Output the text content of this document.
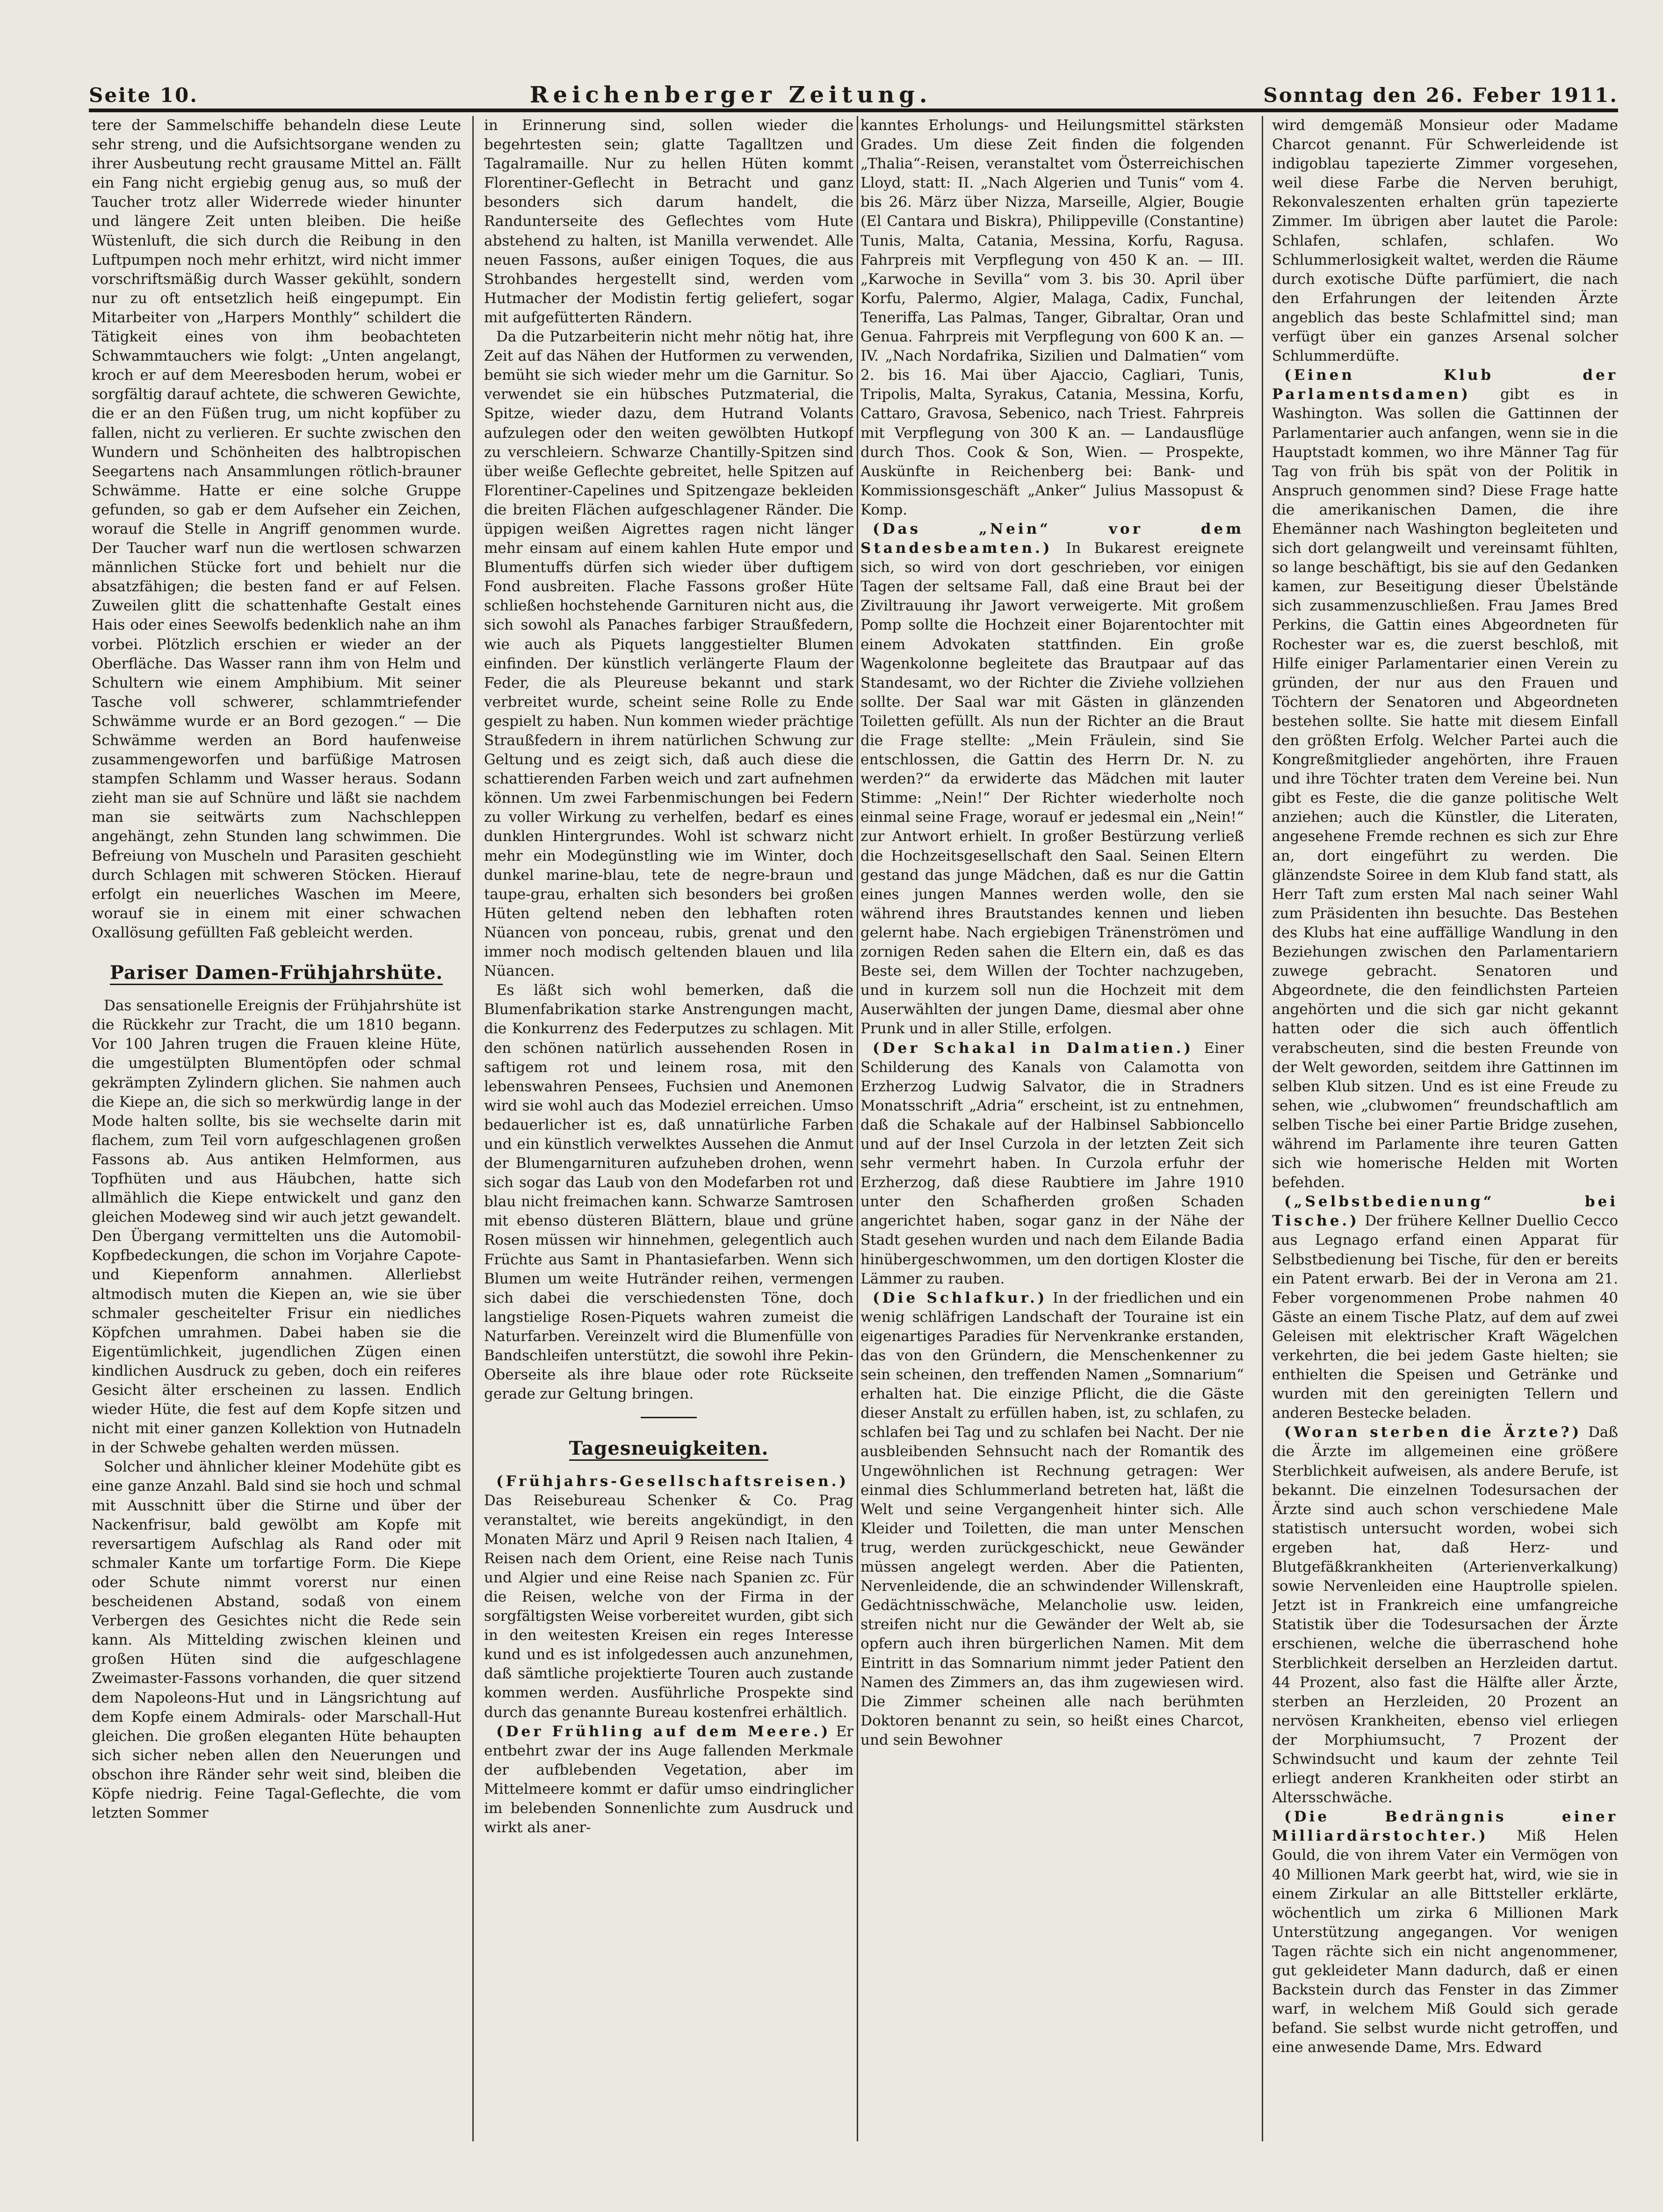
Seite 10.	Reichenberger Zeitung.	Sonntag den 26. Feber 1911.

tere der Sammelschiffe behandeln diese Leute sehr streng, und die Aufsichtsorgane wenden zu ihrer Ausbeutung recht grausame Mittel an. Fällt ein Fang nicht ergiebig genug aus, so muß der Taucher trotz aller Widerrede wieder hinunter und längere Zeit unten bleiben. Die heiße Wüstenluft, die sich durch die Reibung in den Luftpumpen noch mehr erhitzt, wird nicht immer vorschriftsmäßig durch Wasser gekühlt, sondern nur zu oft entsetzlich heiß eingepumpt. Ein Mitarbeiter von „Harpers Monthly“ schildert die Tätigkeit eines von ihm beobachteten Schwammtauchers wie folgt: „Unten angelangt, kroch er auf dem Meeresboden herum, wobei er sorgfältig darauf achtete, die schweren Gewichte, die er an den Füßen trug, um nicht kopfüber zu fallen, nicht zu verlieren. Er suchte zwischen den Wundern und Schönheiten des halbtropischen Seegartens nach Ansammlungen rötlich-brauner Schwämme. Hatte er eine solche Gruppe gefunden, so gab er dem Aufseher ein Zeichen, worauf die Stelle in Angriff genommen wurde. Der Taucher warf nun die wertlosen schwarzen männlichen Stücke fort und behielt nur die absatzfähigen; die besten fand er auf Felsen. Zuweilen glitt die schattenhafte Gestalt eines Hais oder eines Seewolfs bedenklich nahe an ihm vorbei. Plötzlich erschien er wieder an der Oberfläche. Das Wasser rann ihm von Helm und Schultern wie einem Amphibium. Mit seiner Tasche voll schwerer, schlammtriefender Schwämme wurde er an Bord gezogen.“ — Die Schwämme werden an Bord haufenweise zusammengeworfen und barfüßige Matrosen stampfen Schlamm und Wasser heraus. Sodann zieht man sie auf Schnüre und läßt sie nachdem man sie seitwärts zum Nachschleppen angehängt, zehn Stunden lang schwimmen. Die Befreiung von Muscheln und Parasiten geschieht durch Schlagen mit schweren Stöcken. Hierauf erfolgt ein neuerliches Waschen im Meere, worauf sie in einem mit einer schwachen Oxallösung gefüllten Faß gebleicht werden.

Pariser Damen-Frühjahrshüte.

Das sensationelle Ereignis der Frühjahrshüte ist die Rückkehr zur Tracht, die um 1810 begann. Vor 100 Jahren trugen die Frauen kleine Hüte, die umgestülpten Blumentöpfen oder schmal gekrämpten Zylindern glichen. Sie nahmen auch die Kiepe an, die sich so merkwürdig lange in der Mode halten sollte, bis sie wechselte darin mit flachem, zum Teil vorn aufgeschlagenen großen Fassons ab. Aus antiken Helmformen, aus Topfhüten und aus Häubchen, hatte sich allmählich die Kiepe entwickelt und ganz den gleichen Modeweg sind wir auch jetzt gewandelt. Den Übergang vermittelten uns die Automobil-Kopfbedeckungen, die schon im Vorjahre Capote- und Kiepenform annahmen. Allerliebst altmodisch muten die Kiepen an, wie sie über schmaler gescheitelter Frisur ein niedliches Köpfchen umrahmen. Dabei haben sie die Eigentümlichkeit, jugendlichen Zügen einen kindlichen Ausdruck zu geben, doch ein reiferes Gesicht älter erscheinen zu lassen. Endlich wieder Hüte, die fest auf dem Kopfe sitzen und nicht mit einer ganzen Kollektion von Hutnadeln in der Schwebe gehalten werden müssen.

Solcher und ähnlicher kleiner Modehüte gibt es eine ganze Anzahl. Bald sind sie hoch und schmal mit Ausschnitt über die Stirne und über der Nackenfrisur, bald gewölbt am Kopfe mit reversartigem Aufschlag als Rand oder mit schmaler Kante um torfartige Form. Die Kiepe oder Schute nimmt vorerst nur einen bescheidenen Abstand, sodaß von einem Verbergen des Gesichtes nicht die Rede sein kann. Als Mittelding zwischen kleinen und großen Hüten sind die aufgeschlagene Zweimaster-Fassons vorhanden, die quer sitzend dem Napoleons-Hut und in Längsrichtung auf dem Kopfe einem Admirals- oder Marschall-Hut gleichen. Die großen eleganten Hüte behaupten sich sicher neben allen den Neuerungen und obschon ihre Ränder sehr weit sind, bleiben die Köpfe niedrig. Feine Tagal-Geflechte, die vom letzten Sommer

in Erinnerung sind, sollen wieder die begehrtesten sein; glatte Tagalltzen und Tagalramaille. Nur zu hellen Hüten kommt Florentiner-Geflecht in Betracht und ganz besonders sich darum handelt, die Randunterseite des Geflechtes vom Hute abstehend zu halten, ist Manilla verwendet. Alle neuen Fassons, außer einigen Toques, die aus Strohbandes hergestellt sind, werden vom Hutmacher der Modistin fertig geliefert, sogar mit aufgefütterten Rändern.

Da die Putzarbeiterin nicht mehr nötig hat, ihre Zeit auf das Nähen der Hutformen zu verwenden, bemüht sie sich wieder mehr um die Garnitur. So verwendet sie ein hübsches Putzmaterial, die Spitze, wieder dazu, dem Hutrand Volants aufzulegen oder den weiten gewölbten Hutkopf zu verschleiern. Schwarze Chantilly-Spitzen sind über weiße Geflechte gebreitet, helle Spitzen auf Florentiner-Capelines und Spitzengaze bekleiden die breiten Flächen aufgeschlagener Ränder. Die üppigen weißen Aigrettes ragen nicht länger mehr einsam auf einem kahlen Hute empor und Blumentuffs dürfen sich wieder über duftigem Fond ausbreiten. Flache Fassons großer Hüte schließen hochstehende Garnituren nicht aus, die sich sowohl als Panaches farbiger Straußfedern, wie auch als Piquets langgestielter Blumen einfinden. Der künstlich verlängerte Flaum der Feder, die als Pleureuse bekannt und stark verbreitet wurde, scheint seine Rolle zu Ende gespielt zu haben. Nun kommen wieder prächtige Straußfedern in ihrem natürlichen Schwung zur Geltung und es zeigt sich, daß auch diese die schattierenden Farben weich und zart aufnehmen können. Um zwei Farbenmischungen bei Federn zu voller Wirkung zu verhelfen, bedarf es eines dunklen Hintergrundes. Wohl ist schwarz nicht mehr ein Modegünstling wie im Winter, doch dunkel marine-blau, tete de negre-braun und taupe-grau, erhalten sich besonders bei großen Hüten geltend neben den lebhaften roten Nüancen von ponceau, rubis, grenat und den immer noch modisch geltenden blauen und lila Nüancen.

Es läßt sich wohl bemerken, daß die Blumenfabrikation starke Anstrengungen macht, die Konkurrenz des Federputzes zu schlagen. Mit den schönen natürlich aussehenden Rosen in saftigem rot und leinem rosa, mit den lebenswahren Pensees, Fuchsien und Anemonen wird sie wohl auch das Modeziel erreichen. Umso bedauerlicher ist es, daß unnatürliche Farben und ein künstlich verwelktes Aussehen die Anmut der Blumengarnituren aufzuheben drohen, wenn sich sogar das Laub von den Modefarben rot und blau nicht freimachen kann. Schwarze Samtrosen mit ebenso düsteren Blättern, blaue und grüne Rosen müssen wir hinnehmen, gelegentlich auch Früchte aus Samt in Phantasiefarben. Wenn sich Blumen um weite Hutränder reihen, vermengen sich dabei die verschiedensten Töne, doch langstielige Rosen-Piquets wahren zumeist die Naturfarben. Vereinzelt wird die Blumenfülle von Bandschleifen unterstützt, die sowohl ihre Pekin-Oberseite als ihre blaue oder rote Rückseite gerade zur Geltung bringen.

Tagesneuigkeiten.

(Frühjahrs-Gesellschaftsreisen.) Das Reisebureau Schenker & Co. Prag veranstaltet, wie bereits angekündigt, in den Monaten März und April 9 Reisen nach Italien, 4 Reisen nach dem Orient, eine Reise nach Tunis und Algier und eine Reise nach Spanien zc. Für die Reisen, welche von der Firma in der sorgfältigsten Weise vorbereitet wurden, gibt sich in den weitesten Kreisen ein reges Interesse kund und es ist infolgedessen auch anzunehmen, daß sämtliche projektierte Touren auch zustande kommen werden. Ausführliche Prospekte sind durch das genannte Bureau kostenfrei erhältlich.

(Der Frühling auf dem Meere.) Er entbehrt zwar der ins Auge fallenden Merkmale der aufblebenden Vegetation, aber im Mittelmeere kommt er dafür umso eindringlicher im belebenden Sonnenlichte zum Ausdruck und wirkt als aner-

kanntes Erholungs- und Heilungsmittel stärksten Grades. Um diese Zeit finden die folgenden „Thalia“-Reisen, veranstaltet vom Österreichischen Lloyd, statt: II. „Nach Algerien und Tunis“ vom 4. bis 26. März über Nizza, Marseille, Algier, Bougie (El Cantara und Biskra), Philippeville (Constantine) Tunis, Malta, Catania, Messina, Korfu, Ragusa. Fahrpreis mit Verpflegung von 450 K an. — III. „Karwoche in Sevilla“ vom 3. bis 30. April über Korfu, Palermo, Algier, Malaga, Cadix, Funchal, Teneriffa, Las Palmas, Tanger, Gibraltar, Oran und Genua. Fahrpreis mit Verpflegung von 600 K an. — IV. „Nach Nordafrika, Sizilien und Dalmatien“ vom 2. bis 16. Mai über Ajaccio, Cagliari, Tunis, Tripolis, Malta, Syrakus, Catania, Messina, Korfu, Cattaro, Gravosa, Sebenico, nach Triest. Fahrpreis mit Verpflegung von 300 K an. — Landausflüge durch Thos. Cook & Son, Wien. — Prospekte, Auskünfte in Reichenberg bei: Bank- und Kommissionsgeschäft „Anker“ Julius Massopust & Komp.

(Das „Nein“ vor dem Standesbeamten.) In Bukarest ereignete sich, so wird von dort geschrieben, vor einigen Tagen der seltsame Fall, daß eine Braut bei der Ziviltrauung ihr Jawort verweigerte. Mit großem Pomp sollte die Hochzeit einer Bojarentochter mit einem Advokaten stattfinden. Ein große Wagenkolonne begleitete das Brautpaar auf das Standesamt, wo der Richter die Ziviehe vollziehen sollte. Der Saal war mit Gästen in glänzenden Toiletten gefüllt. Als nun der Richter an die Braut die Frage stellte: „Mein Fräulein, sind Sie entschlossen, die Gattin des Herrn Dr. N. zu werden?“ da erwiderte das Mädchen mit lauter Stimme: „Nein!“ Der Richter wiederholte noch einmal seine Frage, worauf er jedesmal ein „Nein!“ zur Antwort erhielt. In großer Bestürzung verließ die Hochzeitsgesellschaft den Saal. Seinen Eltern gestand das junge Mädchen, daß es nur die Gattin eines jungen Mannes werden wolle, den sie während ihres Brautstandes kennen und lieben gelernt habe. Nach ergiebigen Tränenströmen und zornigen Reden sahen die Eltern ein, daß es das Beste sei, dem Willen der Tochter nachzugeben, und in kurzem soll nun die Hochzeit mit dem Auserwählten der jungen Dame, diesmal aber ohne Prunk und in aller Stille, erfolgen.

(Der Schakal in Dalmatien.) Einer Schilderung des Kanals von Calamotta von Erzherzog Ludwig Salvator, die in Stradners Monatsschrift „Adria“ erscheint, ist zu entnehmen, daß die Schakale auf der Halbinsel Sabbioncello und auf der Insel Curzola in der letzten Zeit sich sehr vermehrt haben. In Curzola erfuhr der Erzherzog, daß diese Raubtiere im Jahre 1910 unter den Schafherden großen Schaden angerichtet haben, sogar ganz in der Nähe der Stadt gesehen wurden und nach dem Eilande Badia hinübergeschwommen, um den dortigen Kloster die Lämmer zu rauben.

(Die Schlafkur.) In der friedlichen und ein wenig schläfrigen Landschaft der Touraine ist ein eigenartiges Paradies für Nervenkranke erstanden, das von den Gründern, die Menschenkenner zu sein scheinen, den treffenden Namen „Somnarium“ erhalten hat. Die einzige Pflicht, die die Gäste dieser Anstalt zu erfüllen haben, ist, zu schlafen, zu schlafen bei Tag und zu schlafen bei Nacht. Der nie ausbleibenden Sehnsucht nach der Romantik des Ungewöhnlichen ist Rechnung getragen: Wer einmal dies Schlummerland betreten hat, läßt die Welt und seine Vergangenheit hinter sich. Alle Kleider und Toiletten, die man unter Menschen trug, werden zurückgeschickt, neue Gewänder müssen angelegt werden. Aber die Patienten, Nervenleidende, die an schwindender Willenskraft, Gedächtnisschwäche, Melancholie usw. leiden, streifen nicht nur die Gewänder der Welt ab, sie opfern auch ihren bürgerlichen Namen. Mit dem Eintritt in das Somnarium nimmt jeder Patient den Namen des Zimmers an, das ihm zugewiesen wird. Die Zimmer scheinen alle nach berühmten Doktoren benannt zu sein, so heißt eines Charcot, und sein Bewohner

wird demgemäß Monsieur oder Madame Charcot genannt. Für Schwerleidende ist indigoblau tapezierte Zimmer vorgesehen, weil diese Farbe die Nerven beruhigt, Rekonvaleszenten erhalten grün tapezierte Zimmer. Im übrigen aber lautet die Parole: Schlafen, schlafen, schlafen. Wo Schlummerlosigkeit waltet, werden die Räume durch exotische Düfte parfümiert, die nach den Erfahrungen der leitenden Ärzte angeblich das beste Schlafmittel sind; man verfügt über ein ganzes Arsenal solcher Schlummerdüfte.

(Einen Klub der Parlamentsdamen) gibt es in Washington. Was sollen die Gattinnen der Parlamentarier auch anfangen, wenn sie in die Hauptstadt kommen, wo ihre Männer Tag für Tag von früh bis spät von der Politik in Anspruch genommen sind? Diese Frage hatte die amerikanischen Damen, die ihre Ehemänner nach Washington begleiteten und sich dort gelangweilt und vereinsamt fühlten, so lange beschäftigt, bis sie auf den Gedanken kamen, zur Beseitigung dieser Übelstände sich zusammenzuschließen. Frau James Bred Perkins, die Gattin eines Abgeordneten für Rochester war es, die zuerst beschloß, mit Hilfe einiger Parlamentarier einen Verein zu gründen, der nur aus den Frauen und Töchtern der Senatoren und Abgeordneten bestehen sollte. Sie hatte mit diesem Einfall den größten Erfolg. Welcher Partei auch die Kongreßmitglieder angehörten, ihre Frauen und ihre Töchter traten dem Vereine bei. Nun gibt es Feste, die die ganze politische Welt anziehen; auch die Künstler, die Literaten, angesehene Fremde rechnen es sich zur Ehre an, dort eingeführt zu werden. Die glänzendste Soiree in dem Klub fand statt, als Herr Taft zum ersten Mal nach seiner Wahl zum Präsidenten ihn besuchte. Das Bestehen des Klubs hat eine auffällige Wandlung in den Beziehungen zwischen den Parlamentariern zuwege gebracht. Senatoren und Abgeordnete, die den feindlichsten Parteien angehörten und die sich gar nicht gekannt hatten oder die sich auch öffentlich verabscheuten, sind die besten Freunde von der Welt geworden, seitdem ihre Gattinnen im selben Klub sitzen. Und es ist eine Freude zu sehen, wie „clubwomen“ freundschaftlich am selben Tische bei einer Partie Bridge zusehen, während im Parlamente ihre teuren Gatten sich wie homerische Helden mit Worten befehden.

(„Selbstbedienung“ bei Tische.) Der frühere Kellner Duellio Cecco aus Legnago erfand einen Apparat für Selbstbedienung bei Tische, für den er bereits ein Patent erwarb. Bei der in Verona am 21. Feber vorgenommenen Probe nahmen 40 Gäste an einem Tische Platz, auf dem auf zwei Geleisen mit elektrischer Kraft Wägelchen verkehrten, die bei jedem Gaste hielten; sie enthielten die Speisen und Getränke und wurden mit den gereinigten Tellern und anderen Bestecke beladen.

(Woran sterben die Ärzte?) Daß die Ärzte im allgemeinen eine größere Sterblichkeit aufweisen, als andere Berufe, ist bekannt. Die einzelnen Todesursachen der Ärzte sind auch schon verschiedene Male statistisch untersucht worden, wobei sich ergeben hat, daß Herz- und Blutgefäßkrankheiten (Arterienverkalkung) sowie Nervenleiden eine Hauptrolle spielen. Jetzt ist in Frankreich eine umfangreiche Statistik über die Todesursachen der Ärzte erschienen, welche die überraschend hohe Sterblichkeit derselben an Herzleiden dartut. 44 Prozent, also fast die Hälfte aller Ärzte, sterben an Herzleiden, 20 Prozent an nervösen Krankheiten, ebenso viel erliegen der Morphiumsucht, 7 Prozent der Schwindsucht und kaum der zehnte Teil erliegt anderen Krankheiten oder stirbt an Altersschwäche.

(Die Bedrängnis einer Milliardärstochter.) Miß Helen Gould, die von ihrem Vater ein Vermögen von 40 Millionen Mark geerbt hat, wird, wie sie in einem Zirkular an alle Bittsteller erklärte, wöchentlich um zirka 6 Millionen Mark Unterstützung angegangen. Vor wenigen Tagen rächte sich ein nicht angenommener, gut gekleideter Mann dadurch, daß er einen Backstein durch das Fenster in das Zimmer warf, in welchem Miß Gould sich gerade befand. Sie selbst wurde nicht getroffen, und eine anwesende Dame, Mrs. Edward
